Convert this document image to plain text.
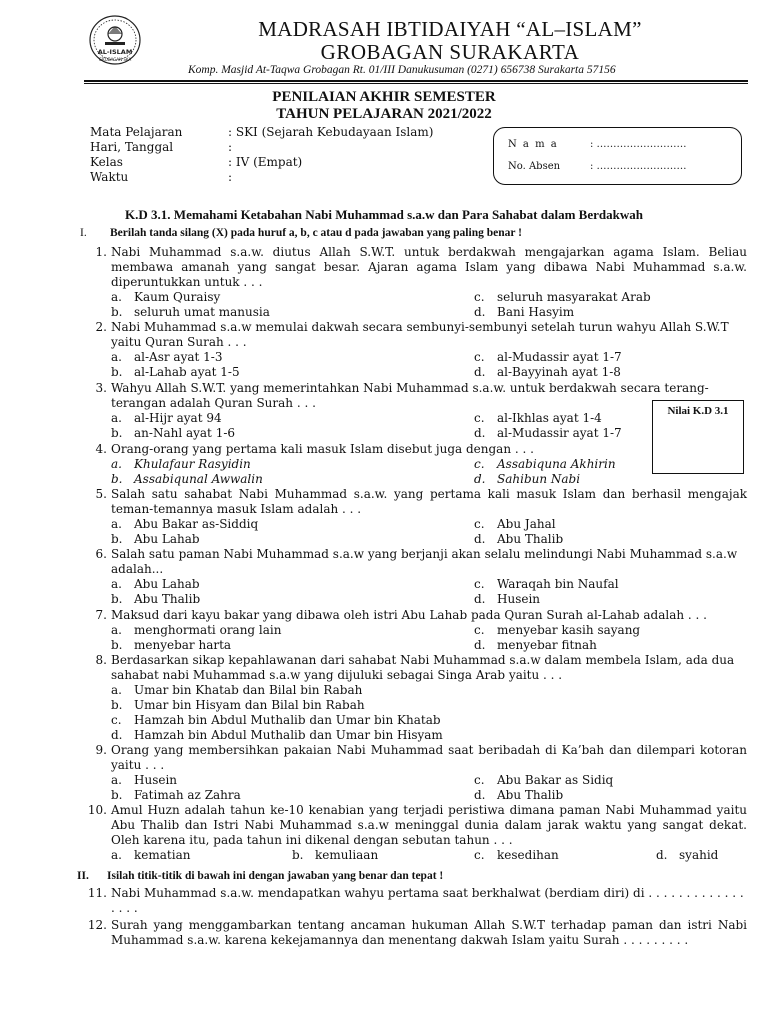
AL-ISLAM
GROBAGAN SKA
MADRASAH IBTIDAIYAH “AL–ISLAM”
GROBAGAN SURAKARTA
Komp. Masjid At-Taqwa Grobagan Rt. 01/III Danukusuman (0271) 656738 Surakarta 57156
PENILAIAN AKHIR SEMESTER
TAHUN PELAJARAN 2021/2022
Mata Pelajaran	: SKI (Sejarah Kebudayaan Islam)
Hari, Tanggal	:
Kelas	: IV (Empat)
Waktu	:
N a m a	: ………………………
No. Absen	: ………………………
K.D 3.1. Memahami Ketabahan Nabi Muhammad s.a.w dan Para Sahabat dalam Berdakwah
I. Berilah tanda silang (X) pada huruf a, b, c atau d pada jawaban yang paling benar !
1. Nabi Muhammad s.a.w. diutus Allah S.W.T. untuk berdakwah mengajarkan agama Islam. Beliau membawa amanah yang sangat besar. Ajaran agama Islam yang dibawa Nabi Muhammad s.a.w. diperuntukkan untuk . . .
a.	Kaum Quraisy	c.	seluruh masyarakat Arab
b. seluruh umat manusia	d. Bani Hasyim
2. Nabi Muhammad s.a.w memulai dakwah secara sembunyi-sembunyi setelah turun wahyu Allah S.W.T yaitu Quran Surah . . .
a.	al-Asr ayat 1-3	c.	al-Mudassir ayat 1-7
b. al-Lahab ayat 1-5	d. al-Bayyinah ayat 1-8
3. Wahyu Allah S.W.T. yang memerintahkan Nabi Muhammad s.a.w. untuk berdakwah secara terang-terangan adalah Quran Surah . . .
a.	al-Hijr ayat 94	c.	al-Ikhlas ayat 1-4
b. an-Nahl ayat 1-6	d. al-Mudassir ayat 1-7
Nilai K.D 3.1
4. Orang-orang yang pertama kali masuk Islam disebut juga dengan . . .
a.	Khulafaur Rasyidin	c.	Assabiquna Akhirin
b. Assabiqunal Awwalin	d. Sahibun Nabi
5. Salah satu sahabat Nabi Muhammad s.a.w. yang pertama kali masuk Islam dan berhasil mengajak teman-temannya masuk Islam adalah . . .
a.	Abu Bakar as-Siddiq	c.	Abu Jahal
b. Abu Lahab	d. Abu Thalib
6. Salah satu paman Nabi Muhammad s.a.w yang berjanji akan selalu melindungi Nabi Muhammad s.a.w adalah...
a.	Abu Lahab	c.	Waraqah bin Naufal
b. Abu Thalib	d. Husein
7. Maksud dari kayu bakar yang dibawa oleh istri Abu Lahab pada Quran Surah al-Lahab adalah . . .
a.	menghormati orang lain	c.	menyebar kasih sayang
b. menyebar harta	d. menyebar fitnah
8. Berdasarkan sikap kepahlawanan dari sahabat Nabi Muhammad s.a.w dalam membela Islam, ada dua sahabat nabi Muhammad s.a.w yang dijuluki sebagai Singa Arab yaitu . . .
a.	Umar bin Khatab dan Bilal bin Rabah
b. Umar bin Hisyam dan Bilal bin Rabah
c.	Hamzah bin Abdul Muthalib dan Umar bin Khatab
d. Hamzah bin Abdul Muthalib dan Umar bin Hisyam
9. Orang yang membersihkan pakaian Nabi Muhammad saat beribadah di Ka’bah dan dilempari kotoran yaitu . . .
a.	Husein	c.	Abu Bakar as Sidiq
b. Fatimah az Zahra	d. Abu Thalib
10. Amul Huzn adalah tahun ke-10 kenabian yang terjadi peristiwa dimana paman Nabi Muhammad yaitu Abu Thalib dan Istri Nabi Muhammad s.a.w meninggal dunia dalam jarak waktu yang sangat dekat. Oleh karena itu, pada tahun ini dikenal dengan sebutan tahun . . .
a.	kematian	b. kemuliaan	c.	kesedihan	d. syahid
II. Isilah titik-titik di bawah ini dengan jawaban yang benar dan tepat !
11. Nabi Muhammad s.a.w. mendapatkan wahyu pertama saat berkhalwat (berdiam diri) di . . . . . . . . . . . . . . . . .
12. Surah yang menggambarkan tentang ancaman hukuman Allah S.W.T terhadap paman dan istri Nabi Muhammad s.a.w. karena kekejamannya dan menentang dakwah Islam yaitu Surah . . . . . . . . .
